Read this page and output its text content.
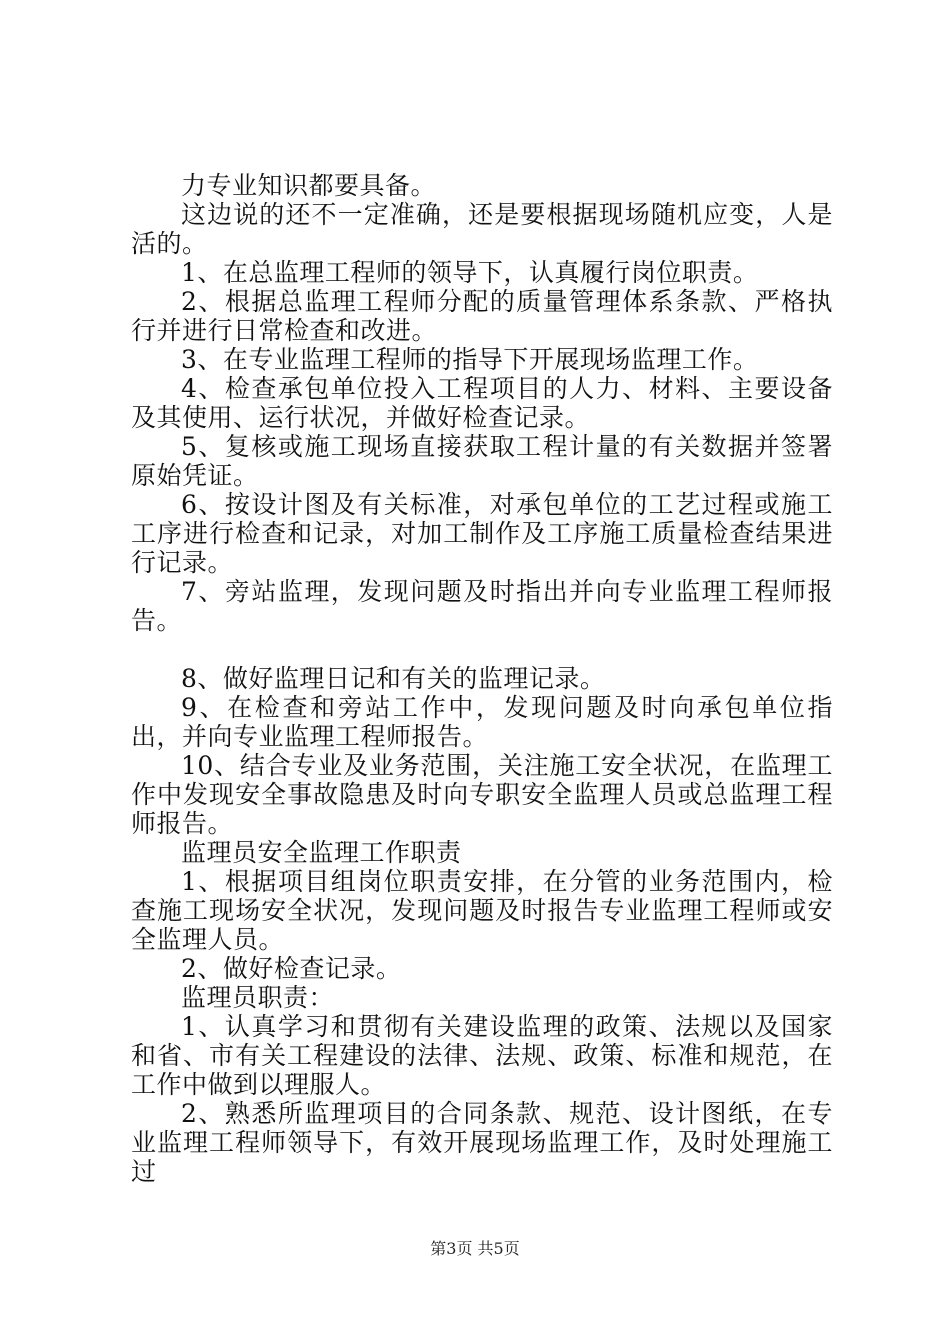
力专业知识都要具备。

这边说的还不一定准确，还是要根据现场随机应变，人是活的。

1、在总监理工程师的领导下，认真履行岗位职责。

2、根据总监理工程师分配的质量管理体系条款、严格执行并进行日常检查和改进。

3、在专业监理工程师的指导下开展现场监理工作。

4、检查承包单位投入工程项目的人力、材料、主要设备及其使用、运行状况，并做好检查记录。

5、复核或施工现场直接获取工程计量的有关数据并签署原始凭证。

6、按设计图及有关标准，对承包单位的工艺过程或施工工序进行检查和记录，对加工制作及工序施工质量检查结果进行记录。

7、旁站监理，发现问题及时指出并向专业监理工程师报告。

8、做好监理日记和有关的监理记录。

9、在检查和旁站工作中，发现问题及时向承包单位指出，并向专业监理工程师报告。

10、结合专业及业务范围，关注施工安全状况，在监理工作中发现安全事故隐患及时向专职安全监理人员或总监理工程师报告。

监理员安全监理工作职责

1、根据项目组岗位职责安排，在分管的业务范围内，检查施工现场安全状况，发现问题及时报告专业监理工程师或安全监理人员。

2、做好检查记录。

监理员职责：

1、认真学习和贯彻有关建设监理的政策、法规以及国家和省、市有关工程建设的法律、法规、政策、标准和规范，在工作中做到以理服人。

2、熟悉所监理项目的合同条款、规范、设计图纸，在专业监理工程师领导下，有效开展现场监理工作，及时处理施工过

第3页 共5页
